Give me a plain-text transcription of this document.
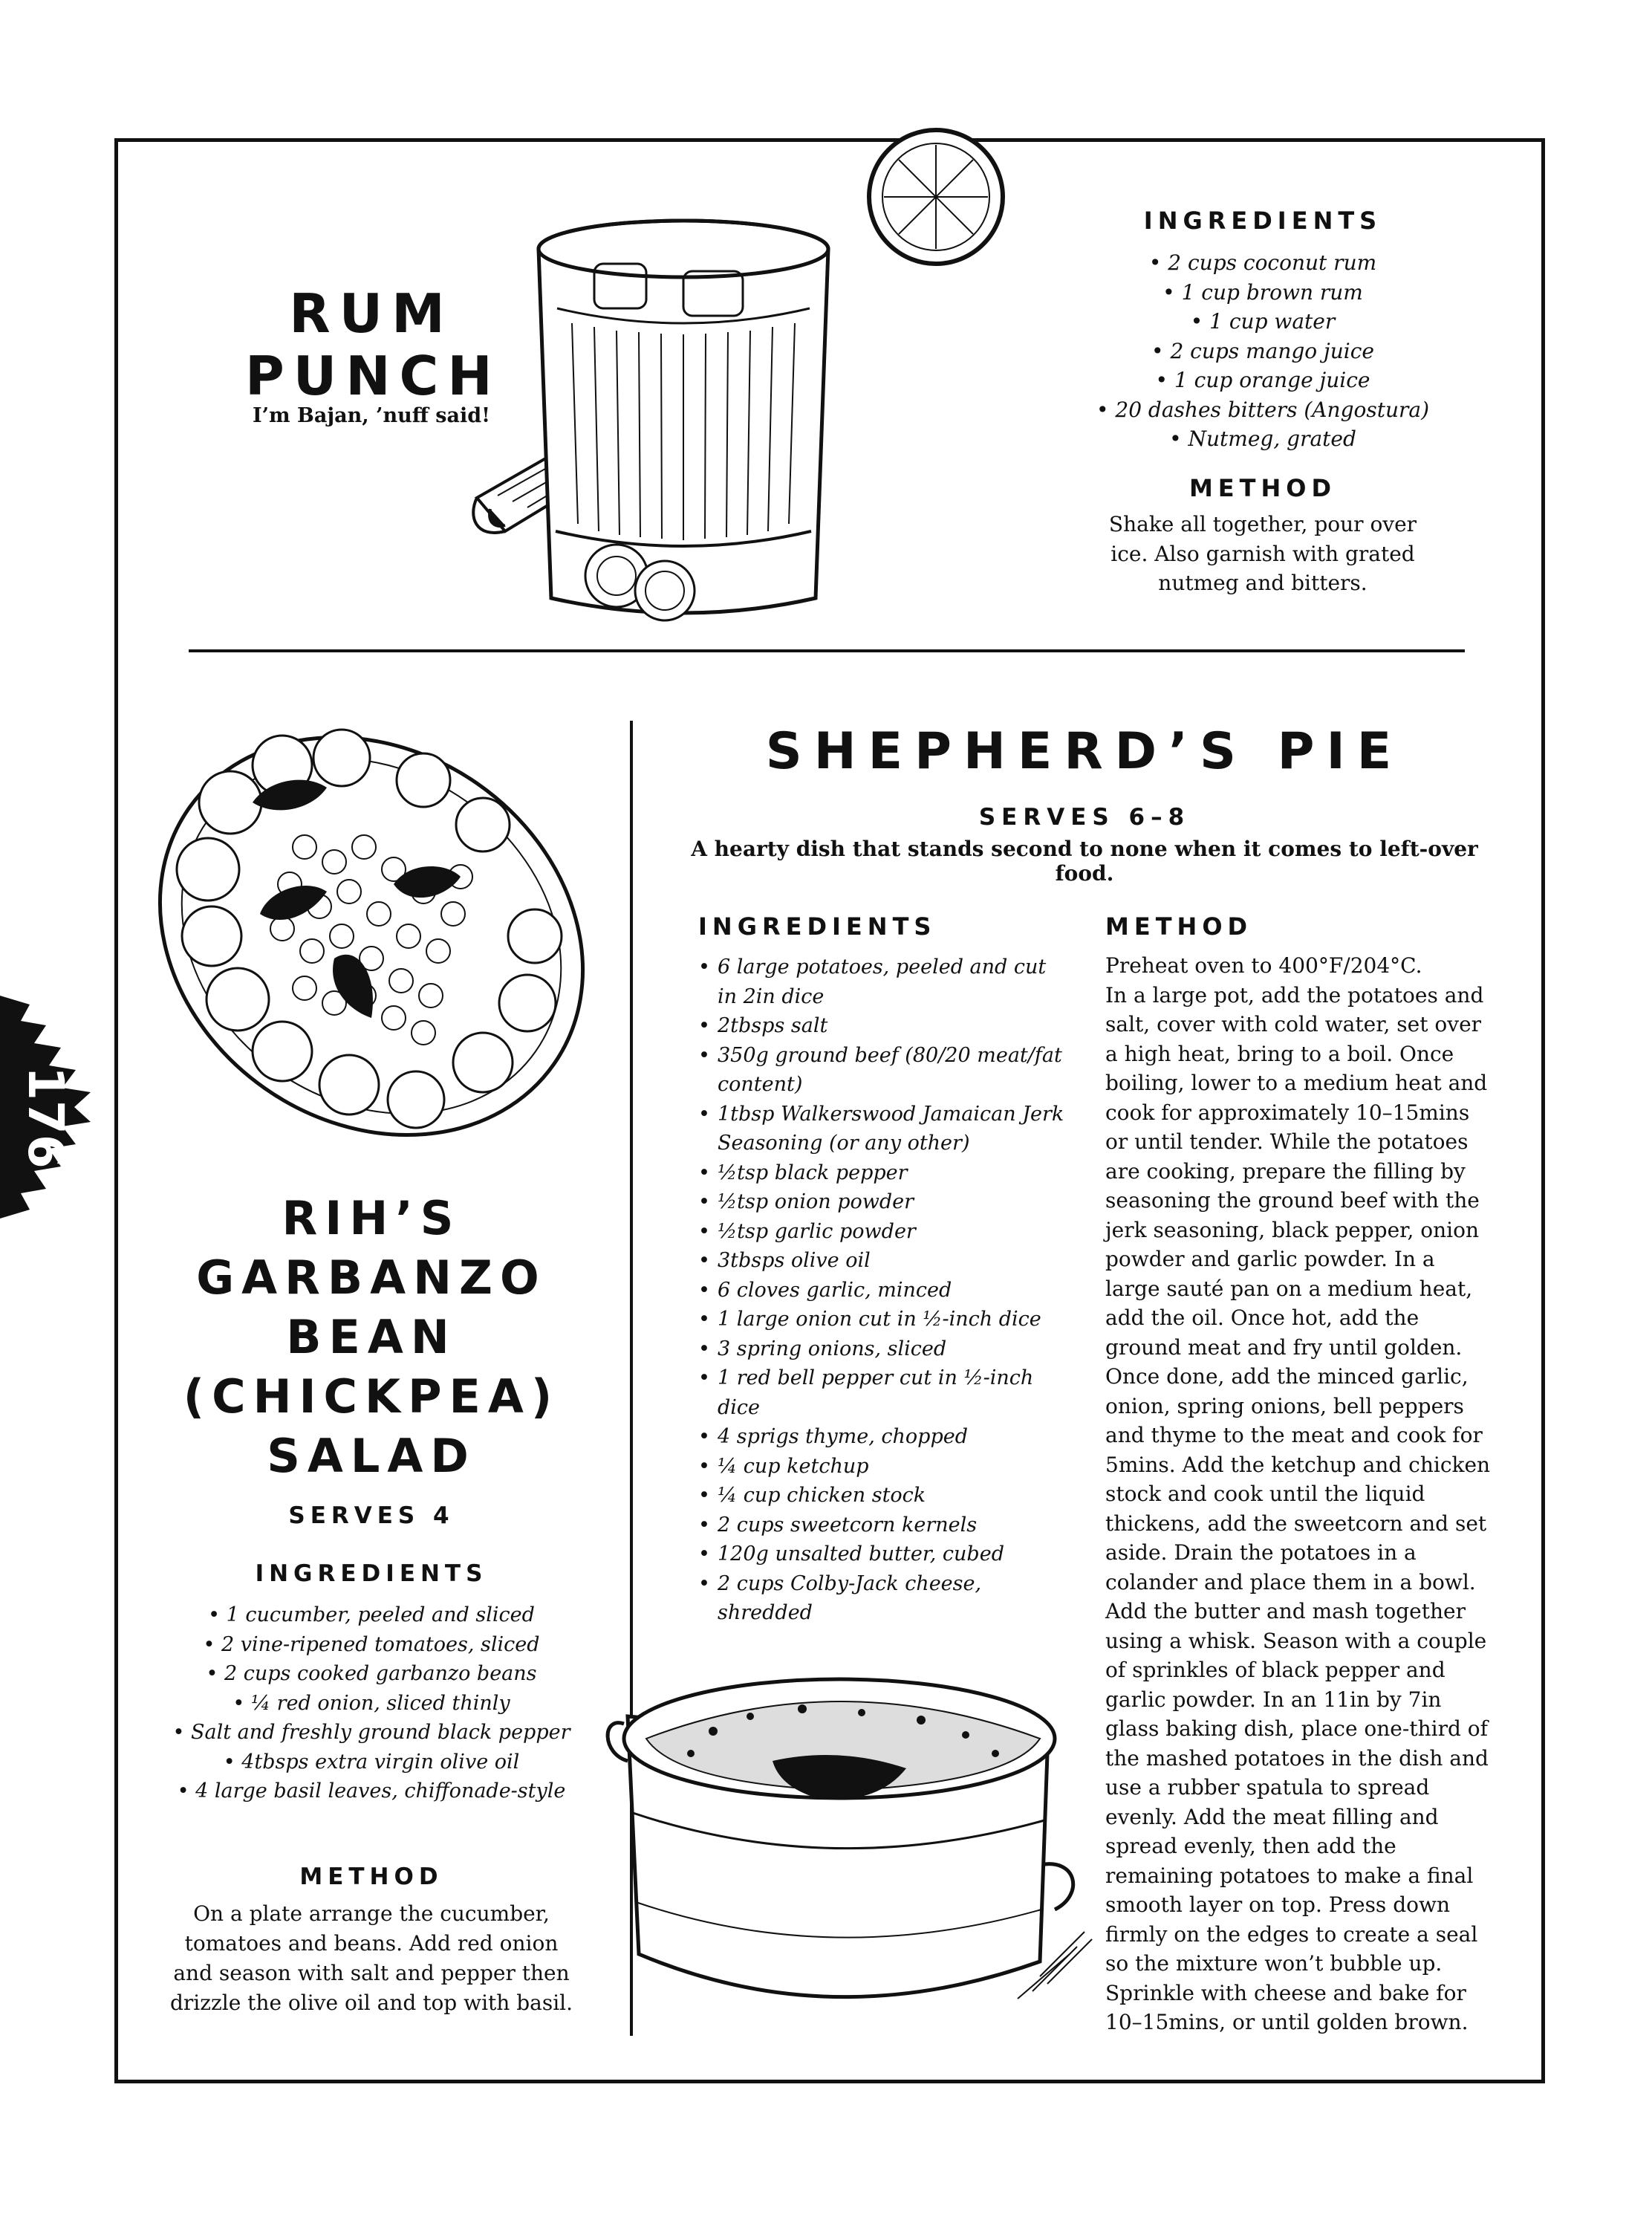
176
RUM
PUNCH
I’m Bajan, ’nuff said!
INGREDIENTS
• 2 cups coconut rum
• 1 cup brown rum
• 1 cup water
• 2 cups mango juice
• 1 cup orange juice
• 20 dashes bitters (Angostura)
• Nutmeg, grated
METHOD
Shake all together, pour over ice. Also garnish with grated nutmeg and bitters.
RIH’S
GARBANZO
BEAN
(CHICKPEA)
SALAD
SERVES 4
INGREDIENTS
• 1 cucumber, peeled and sliced
• 2 vine-ripened tomatoes, sliced
• 2 cups cooked garbanzo beans
• ¼ red onion, sliced thinly
• Salt and freshly ground black pepper
• 4tbsps extra virgin olive oil
• 4 large basil leaves, chiffonade-style
METHOD
On a plate arrange the cucumber, tomatoes and beans. Add red onion and season with salt and pepper then drizzle the olive oil and top with basil.
SHEPHERD’S PIE
SERVES 6–8
A hearty dish that stands second to none when it comes to left-over food.
INGREDIENTS
• 6 large potatoes, peeled and cut in 2in dice
• 2tbsps salt
• 350g ground beef (80/20 meat/fat content)
• 1tbsp Walkerswood Jamaican Jerk Seasoning (or any other)
• ½tsp black pepper
• ½tsp onion powder
• ½tsp garlic powder
• 3tbsps olive oil
• 6 cloves garlic, minced
• 1 large onion cut in ½-inch dice
• 3 spring onions, sliced
• 1 red bell pepper cut in ½-inch dice
• 4 sprigs thyme, chopped
• ¼ cup ketchup
• ¼ cup chicken stock
• 2 cups sweetcorn kernels
• 120g unsalted butter, cubed
• 2 cups Colby-Jack cheese, shredded
METHOD
Preheat oven to 400°F/204°C.
In a large pot, add the potatoes and salt, cover with cold water, set over a high heat, bring to a boil. Once boiling, lower to a medium heat and cook for approximately 10–15mins or until tender. While the potatoes are cooking, prepare the filling by seasoning the ground beef with the jerk seasoning, black pepper, onion powder and garlic powder. In a large sauté pan on a medium heat, add the oil. Once hot, add the ground meat and fry until golden. Once done, add the minced garlic, onion, spring onions, bell peppers and thyme to the meat and cook for 5mins. Add the ketchup and chicken stock and cook until the liquid thickens, add the sweetcorn and set aside. Drain the potatoes in a colander and place them in a bowl. Add the butter and mash together using a whisk. Season with a couple of sprinkles of black pepper and garlic powder. In an 11in by 7in glass baking dish, place one-third of the mashed potatoes in the dish and use a rubber spatula to spread evenly. Add the meat filling and spread evenly, then add the remaining potatoes to make a final smooth layer on top. Press down firmly on the edges to create a seal so the mixture won’t bubble up. Sprinkle with cheese and bake for 10–15mins, or until golden brown.
